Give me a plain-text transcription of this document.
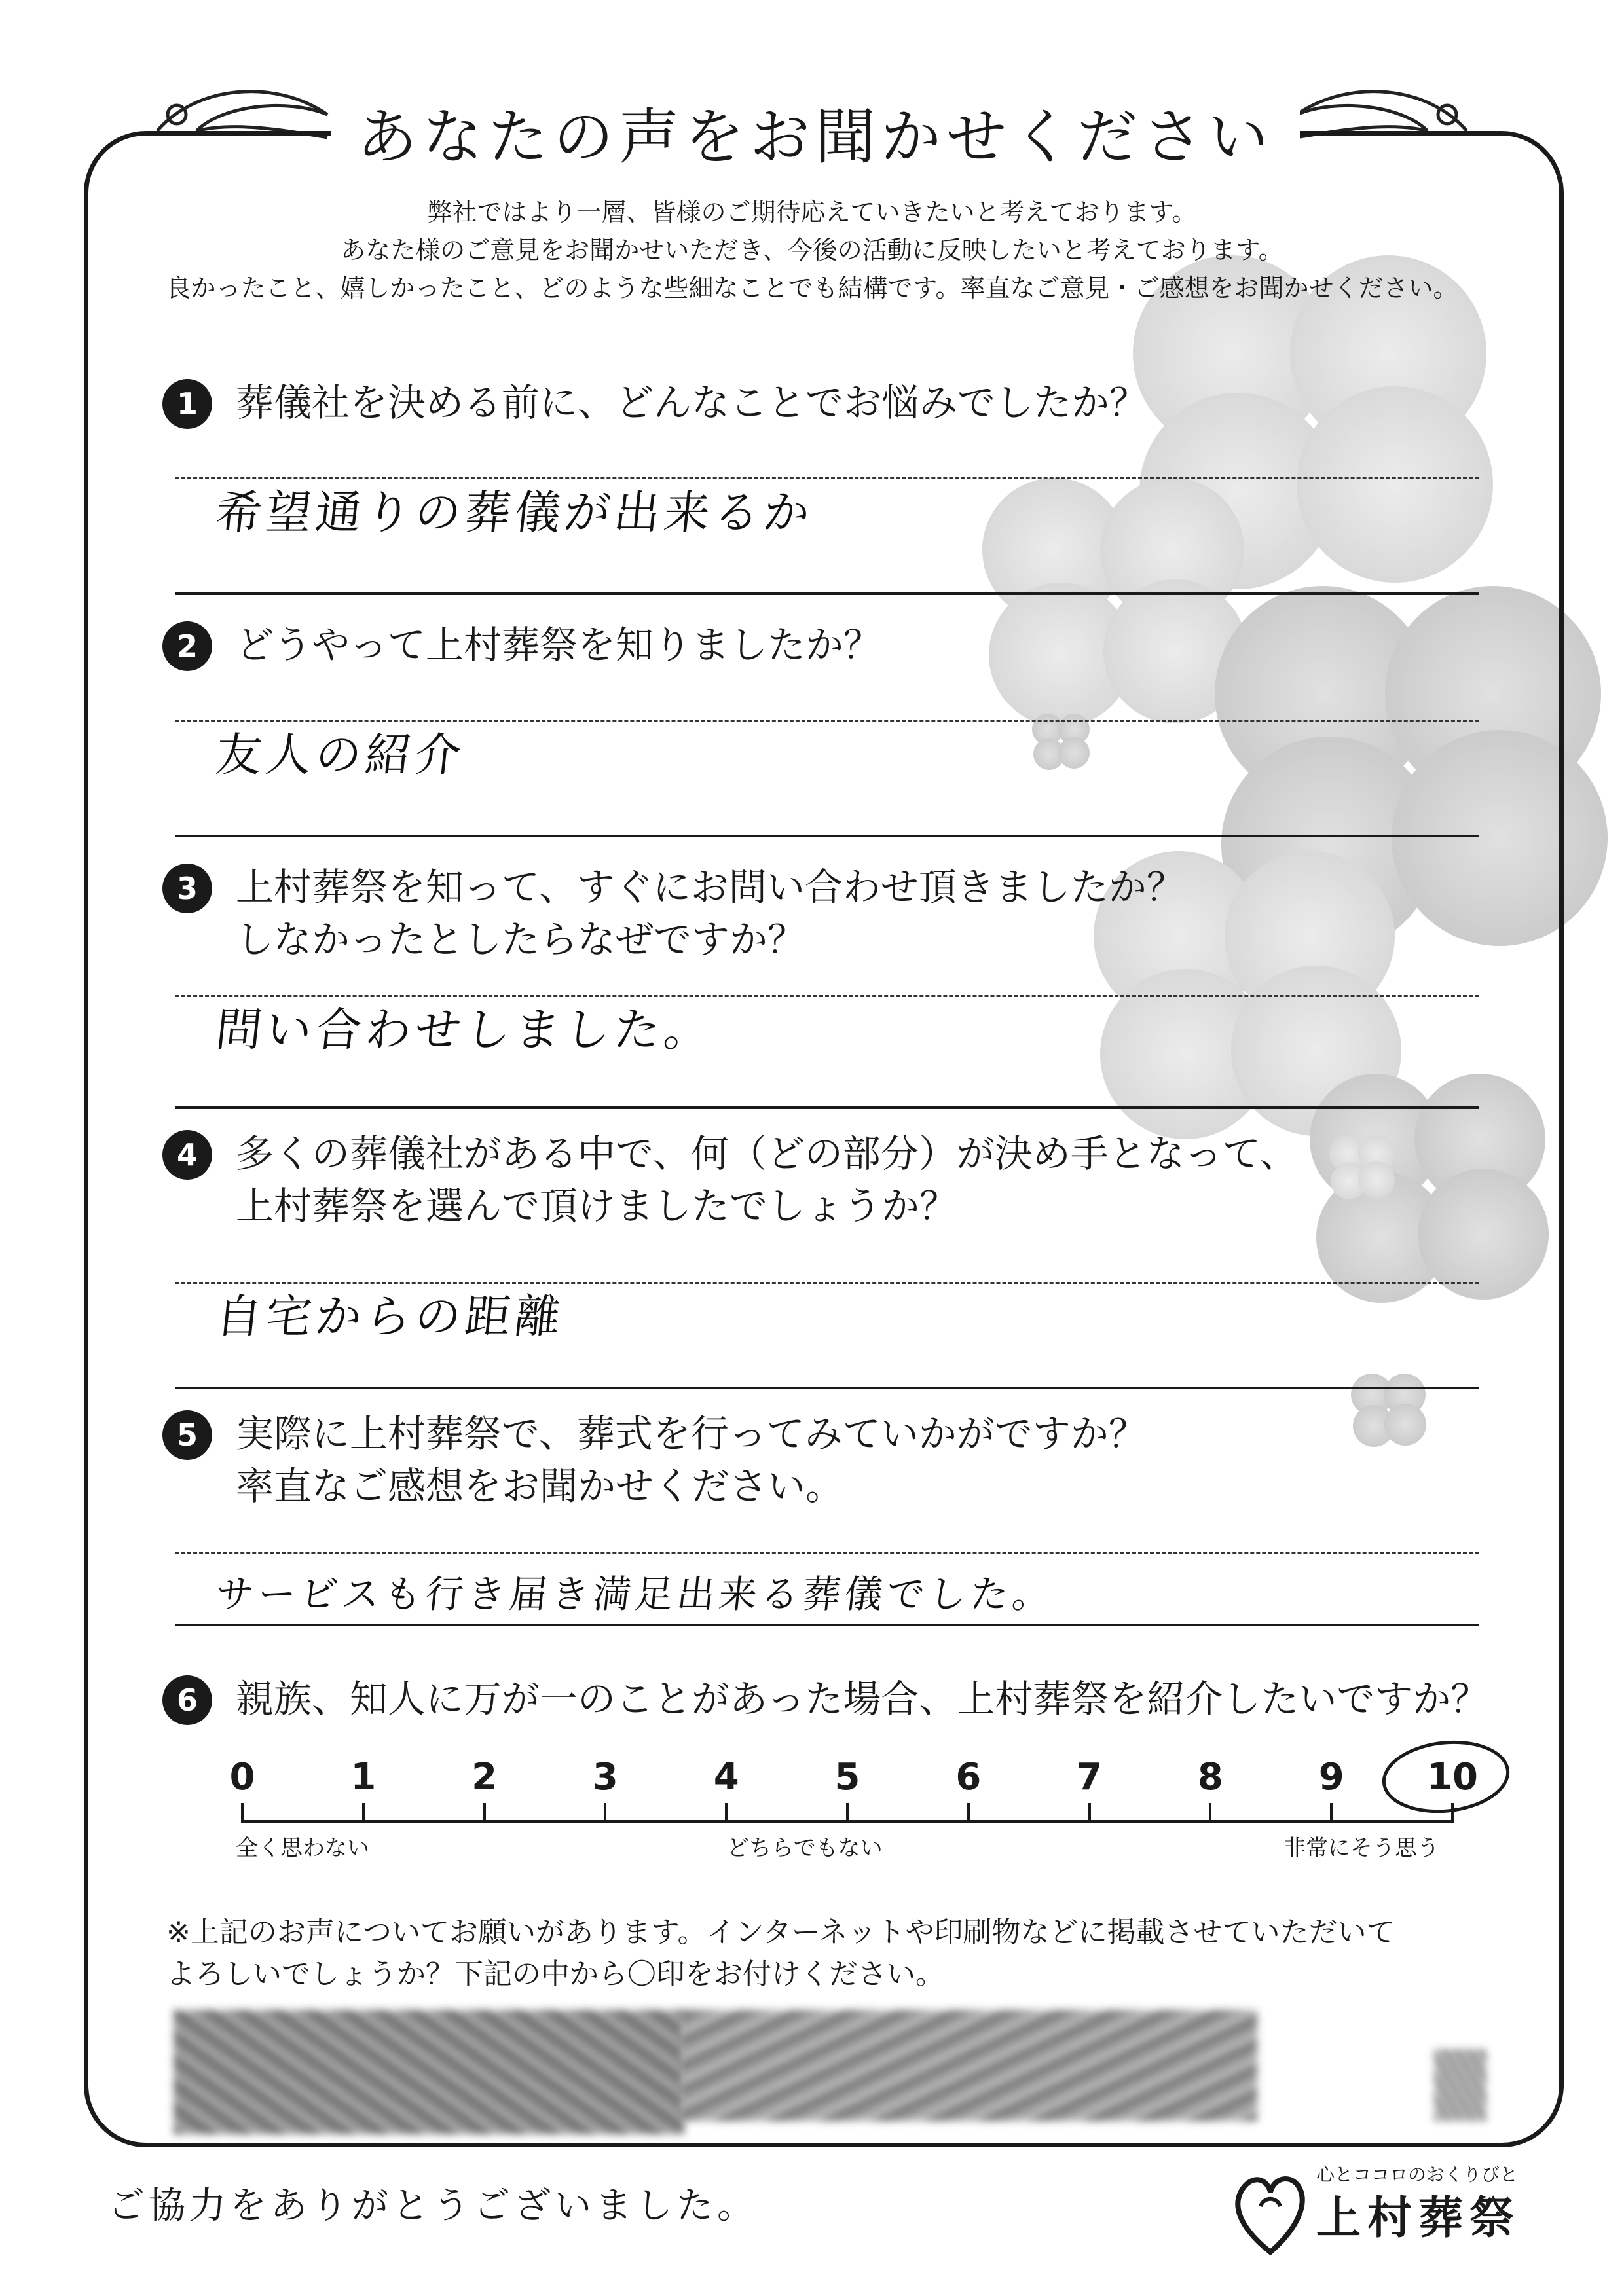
あなたの声をお聞かせください
弊社ではより一層、皆様のご期待応えていきたいと考えております。
あなた様のご意見をお聞かせいただき、今後の活動に反映したいと考えております。
良かったこと、嬉しかったこと、どのような些細なことでも結構です。率直なご意見・ご感想をお聞かせください。
1	葬儀社を決める前に、どんなことでお悩みでしたか？
希望通りの葬儀が出来るか
2	どうやって上村葬祭を知りましたか？
友人の紹介
3	上村葬祭を知って、すぐにお問い合わせ頂きましたか？
しなかったとしたらなぜですか？
問い合わせしました。
4	多くの葬儀社がある中で、何（どの部分）が決め手となって、
上村葬祭を選んで頂けましたでしょうか？
自宅からの距離
5	実際に上村葬祭で、葬式を行ってみていかがですか？
率直なご感想をお聞かせください。
サービスも行き届き満足出来る葬儀でした。
6	親族、知人に万が一のことがあった場合、上村葬祭を紹介したいですか？
全く思わない	どちらでもない	非常にそう思う
0	1	2	3	4	5	6	7	8	9	10
※上記のお声についてお願いがあります。インターネットや印刷物などに掲載させていただいて
よろしいでしょうか？下記の中から〇印をお付けください。
ご協力をありがとうございました。
心とココロのおくりびと
上村葬祭
